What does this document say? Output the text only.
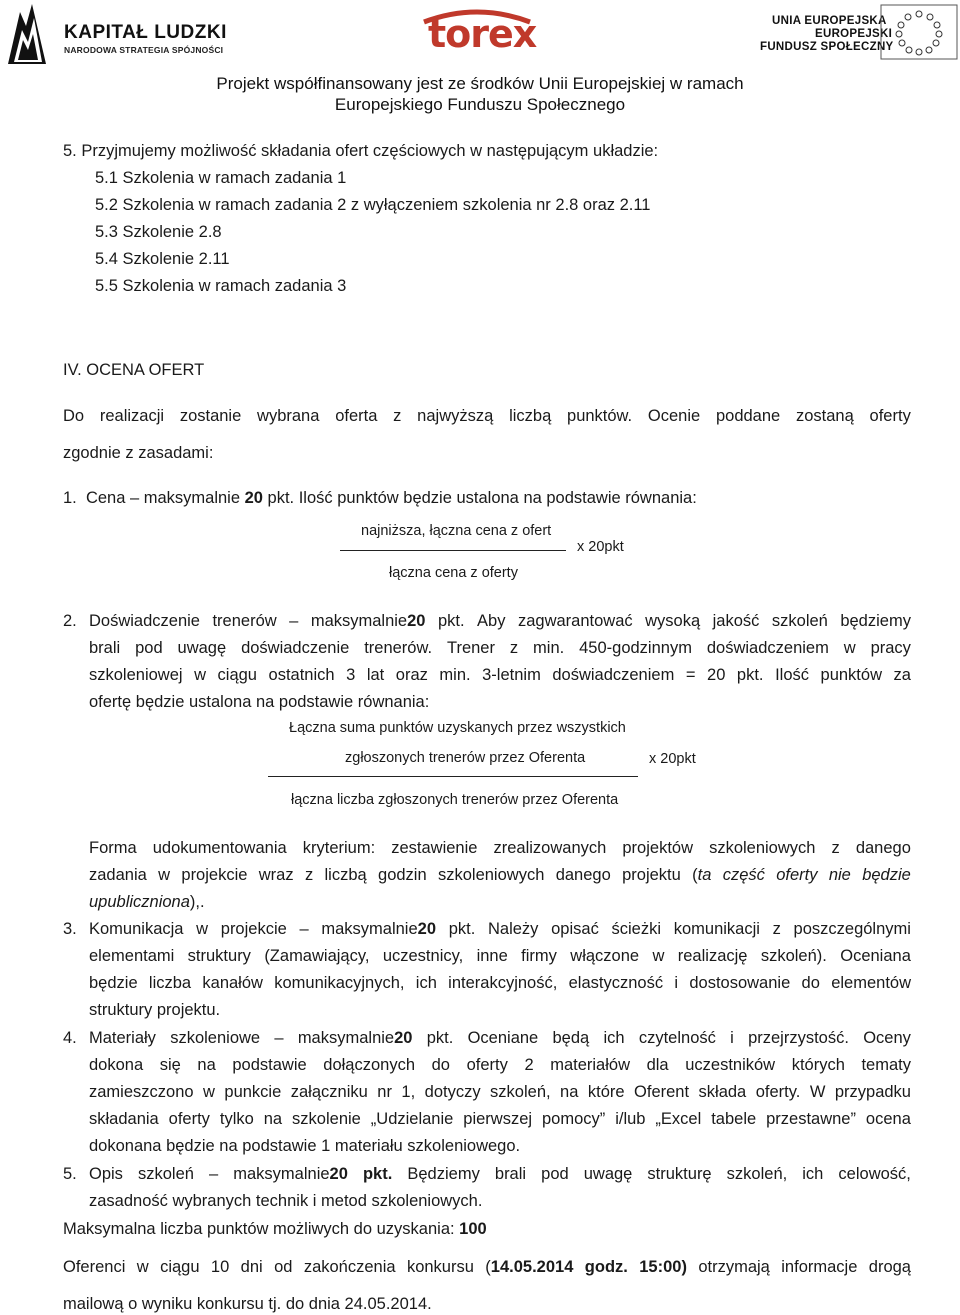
KAPITAŁ LUDZKI
NARODOWA STRATEGIA SPÓJNOŚCI	torex	UNIA EUROPEJSKA
EUROPEJSKI
FUNDUSZ SPOŁECZNY
Projekt współfinansowany jest ze środków Unii Europejskiej w ramach
Europejskiego Funduszu Społecznego
5. Przyjmujemy możliwość składania ofert częściowych w następującym układzie:
5.1 Szkolenia w ramach zadania 1
5.2 Szkolenia w ramach zadania 2 z wyłączeniem szkolenia nr 2.8 oraz 2.11
5.3 Szkolenie 2.8
5.4 Szkolenie 2.11
5.5 Szkolenia w ramach zadania 3
IV. OCENA OFERT
Do realizacji zostanie wybrana oferta z najwyższą liczbą punktów. Ocenie poddane zostaną oferty
zgodnie z zasadami:
1. Cena – maksymalnie 20 pkt. Ilość punktów będzie ustalona na podstawie równania:
najniższa, łączna cena z ofert
x 20pkt
łączna cena z oferty
2. Doświadczenie trenerów – maksymalnie20 pkt. Aby zagwarantować wysoką jakość szkoleń będziemy
brali pod uwagę doświadczenie trenerów. Trener z min. 450-godzinnym doświadczeniem w pracy
szkoleniowej w ciągu ostatnich 3 lat oraz min. 3-letnim doświadczeniem = 20 pkt. Ilość punktów za
ofertę będzie ustalona na podstawie równania:
Łączna suma punktów uzyskanych przez wszystkich
zgłoszonych trenerów przez Oferenta	x 20pkt
łączna liczba zgłoszonych trenerów przez Oferenta
Forma udokumentowania kryterium: zestawienie zrealizowanych projektów szkoleniowych z danego
zadania w projekcie wraz z liczbą godzin szkoleniowych danego projektu (ta część oferty nie będzie
upubliczniona),.
3. Komunikacja w projekcie – maksymalnie20 pkt. Należy opisać ścieżki komunikacji z poszczególnymi
elementami struktury (Zamawiający, uczestnicy, inne firmy włączone w realizację szkoleń). Oceniana
będzie liczba kanałów komunikacyjnych, ich interakcyjność, elastyczność i dostosowanie do elementów
struktury projektu.
4. Materiały szkoleniowe – maksymalnie20 pkt. Oceniane będą ich czytelność i przejrzystość. Oceny
dokona się na podstawie dołączonych do oferty 2 materiałów dla uczestników których tematy
zamieszczono w punkcie załączniku nr 1, dotyczy szkoleń, na które Oferent składa oferty. W przypadku
składania oferty tylko na szkolenie „Udzielanie pierwszej pomocy” i/lub „Excel tabele przestawne” ocena
dokonana będzie na podstawie 1 materiału szkoleniowego.
5. Opis szkoleń – maksymalnie20 pkt. Będziemy brali pod uwagę strukturę szkoleń, ich celowość,
zasadność wybranych technik i metod szkoleniowych.
Maksymalna liczba punktów możliwych do uzyskania: 100
Oferenci w ciągu 10 dni od zakończenia konkursu (14.05.2014 godz. 15:00) otrzymają informacje drogą
mailową o wyniku konkursu tj. do dnia 24.05.2014.
